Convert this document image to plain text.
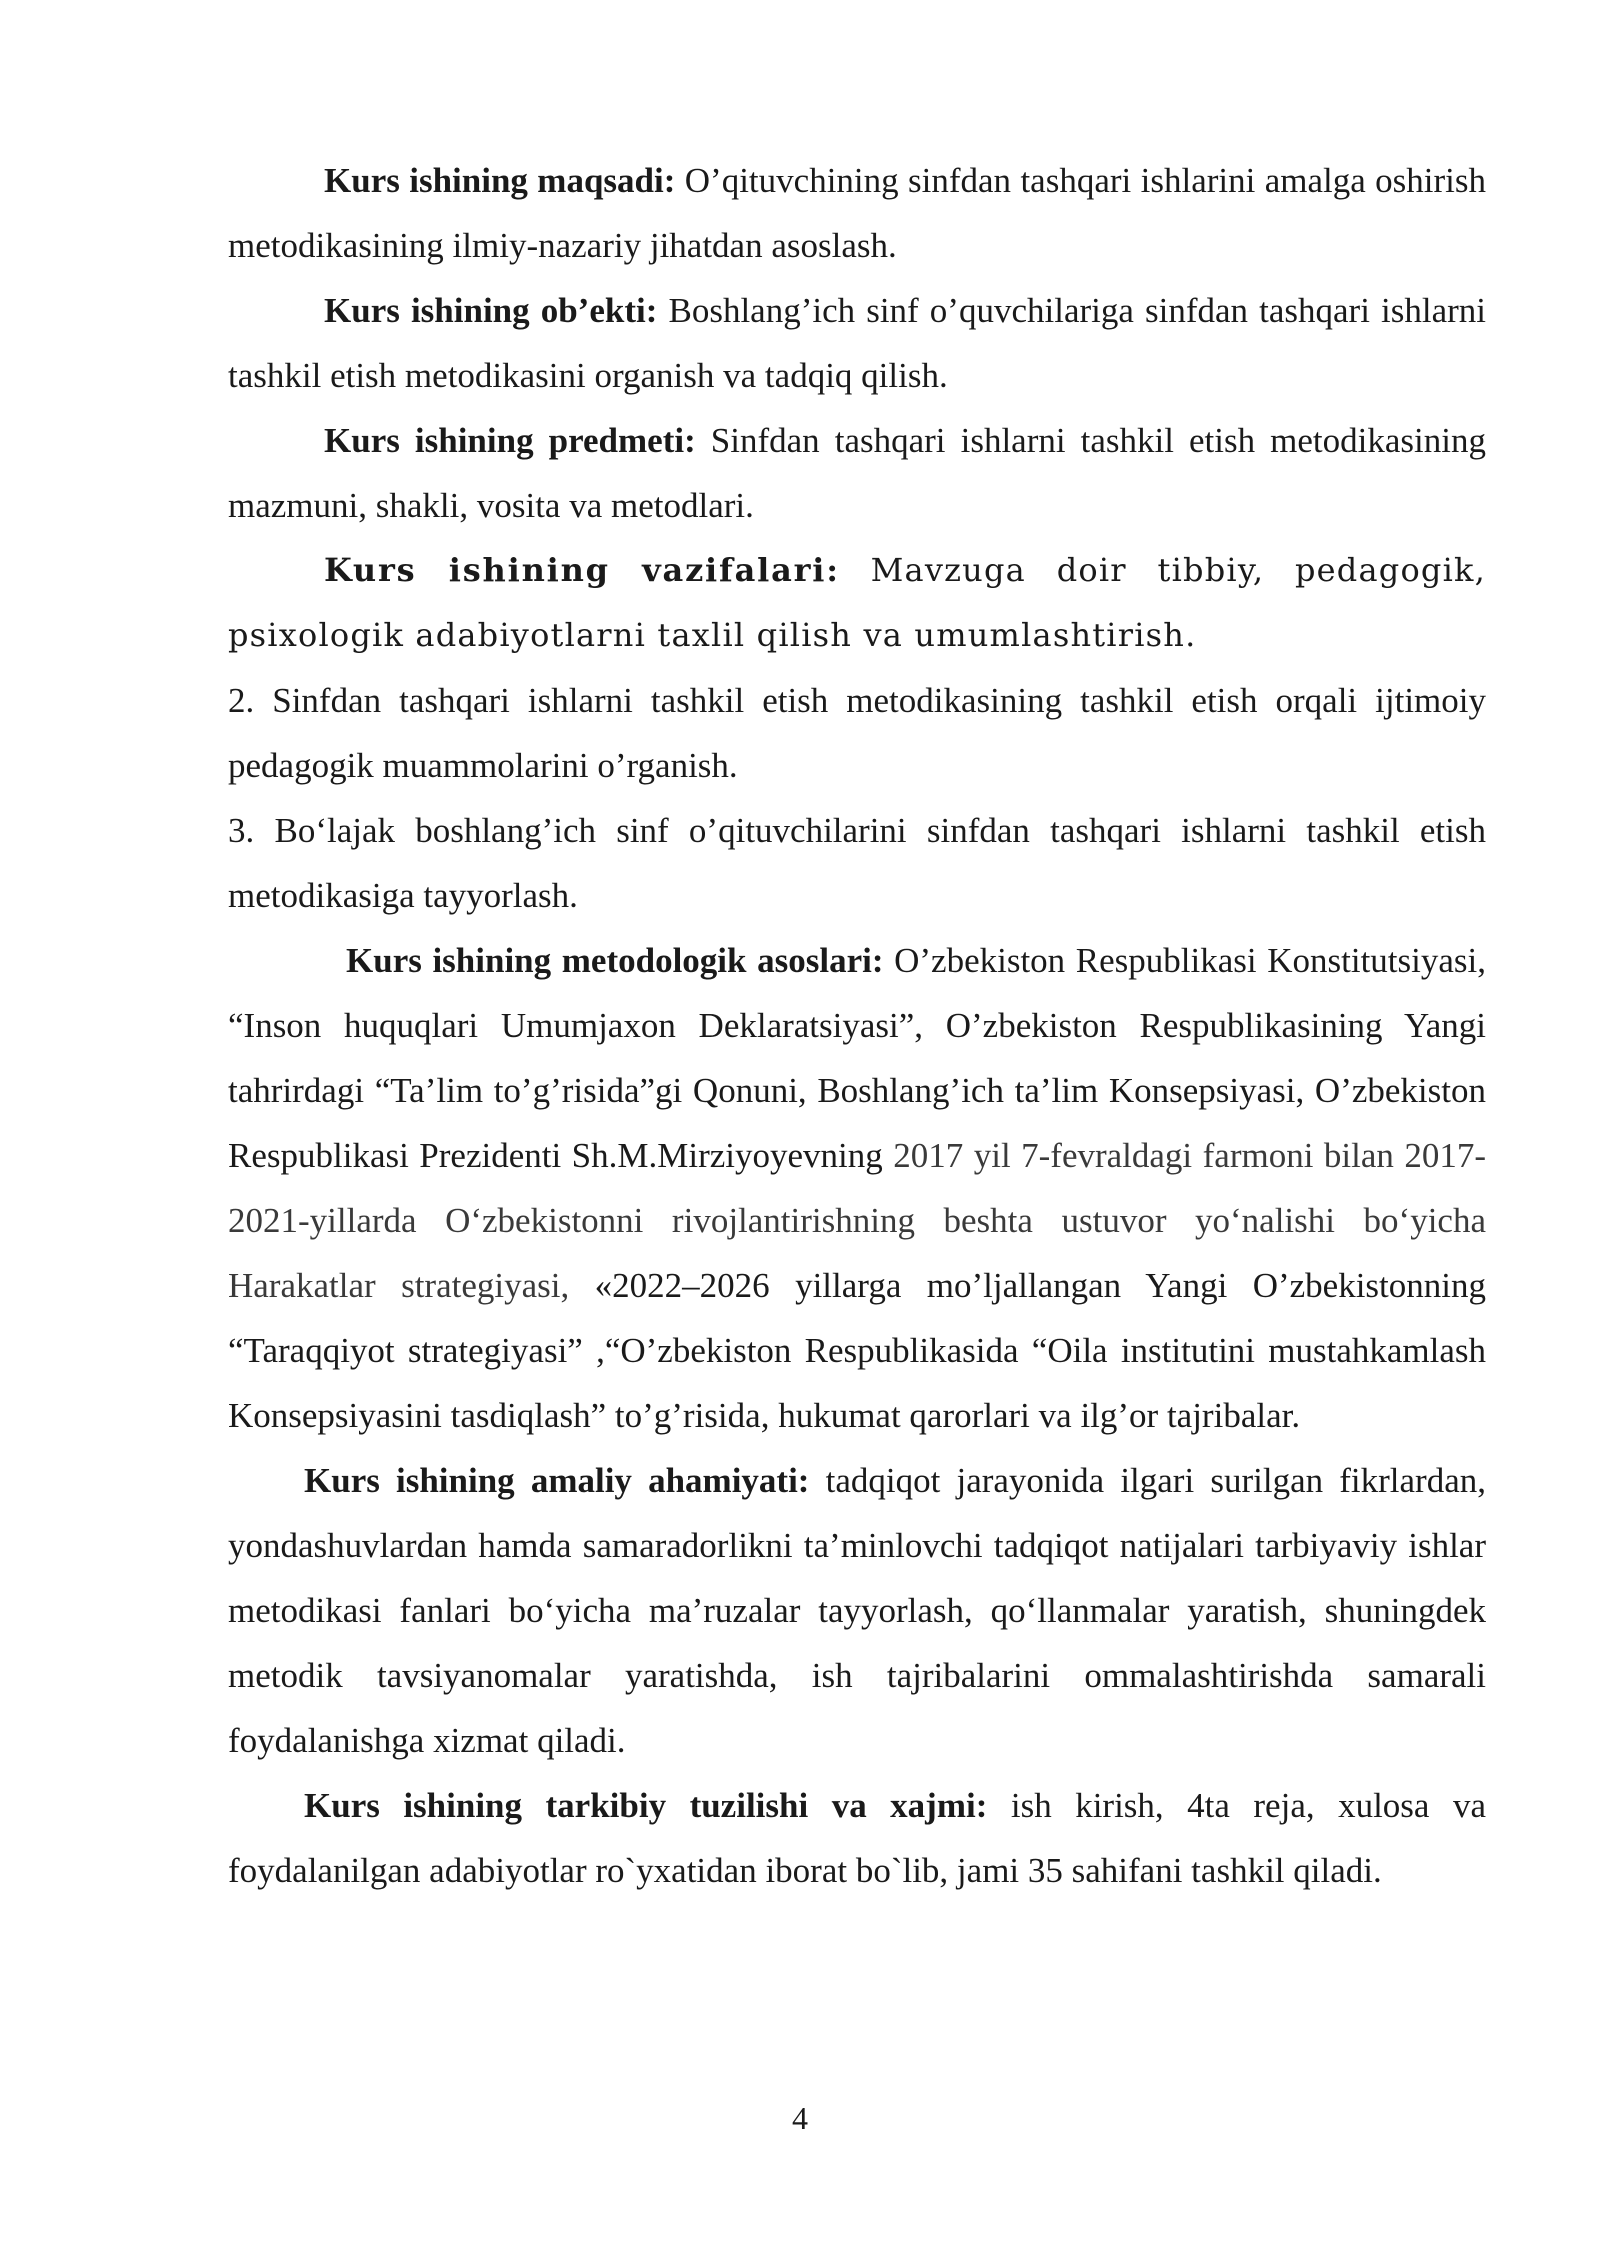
Kurs ishining maqsadi: O’qituvchining sinfdan tashqari ishlarini amalga oshirish metodikasining ilmiy-nazariy jihatdan asoslash.

Kurs ishining ob’ekti: Boshlang’ich sinf o’quvchilariga sinfdan tashqari ishlarni tashkil etish metodikasini organish va tadqiq qilish.

Kurs ishining predmeti: Sinfdan tashqari ishlarni tashkil etish metodikasining mazmuni, shakli, vosita va metodlari.

Kurs ishining vazifalari: Mavzuga doir tibbiy, pedagogik, psixologik adabiyotlarni taxlil qilish va umumlashtirish.

2. Sinfdan tashqari ishlarni tashkil etish metodikasining tashkil etish orqali ijtimoiy pedagogik muammolarini o’rganish.

3. Bo‘lajak boshlang’ich sinf o’qituvchilarini sinfdan tashqari ishlarni tashkil etish metodikasiga tayyorlash.

Kurs ishining metodologik asoslari: O’zbekiston Respublikasi Konstitutsiyasi, “Inson huquqlari Umumjaxon Deklaratsiyasi”, O’zbekiston Respublikasining Yangi tahrirdagi “Ta’lim to’g’risida”gi Qonuni, Boshlang’ich ta’lim Konsepsiyasi, O’zbekiston Respublikasi Prezidenti Sh.M.Mirziyoyevning 2017 yil 7-fevraldagi farmoni bilan 2017-2021-yillarda O‘zbekistonni rivojlantirishning beshta ustuvor yo‘nalishi bo‘yicha Harakatlar strategiyasi, «2022–2026 yillarga mo’ljallangan Yangi O’zbekistonning “Taraqqiyot strategiyasi” ,“O’zbekiston Respublikasida “Oila institutini mustahkamlash Konsepsiyasini tasdiqlash” to’g’risida, hukumat qarorlari va ilg’or tajribalar.

Kurs ishining amaliy ahamiyati: tadqiqot jarayonida ilgari surilgan fikrlardan, yondashuvlardan hamda samaradorlikni ta’minlovchi tadqiqot natijalari tarbiyaviy ishlar metodikasi fanlari bo‘yicha ma’ruzalar tayyorlash, qo‘llanmalar yaratish, shuningdek metodik tavsiyanomalar yaratishda, ish tajribalarini ommalashtirishda samarali foydalanishga xizmat qiladi.

Kurs ishining tarkibiy tuzilishi va xajmi: ish kirish, 4ta reja, xulosa va foydalanilgan adabiyotlar ro`yxatidan iborat bo`lib, jami 35 sahifani tashkil qiladi.

4
